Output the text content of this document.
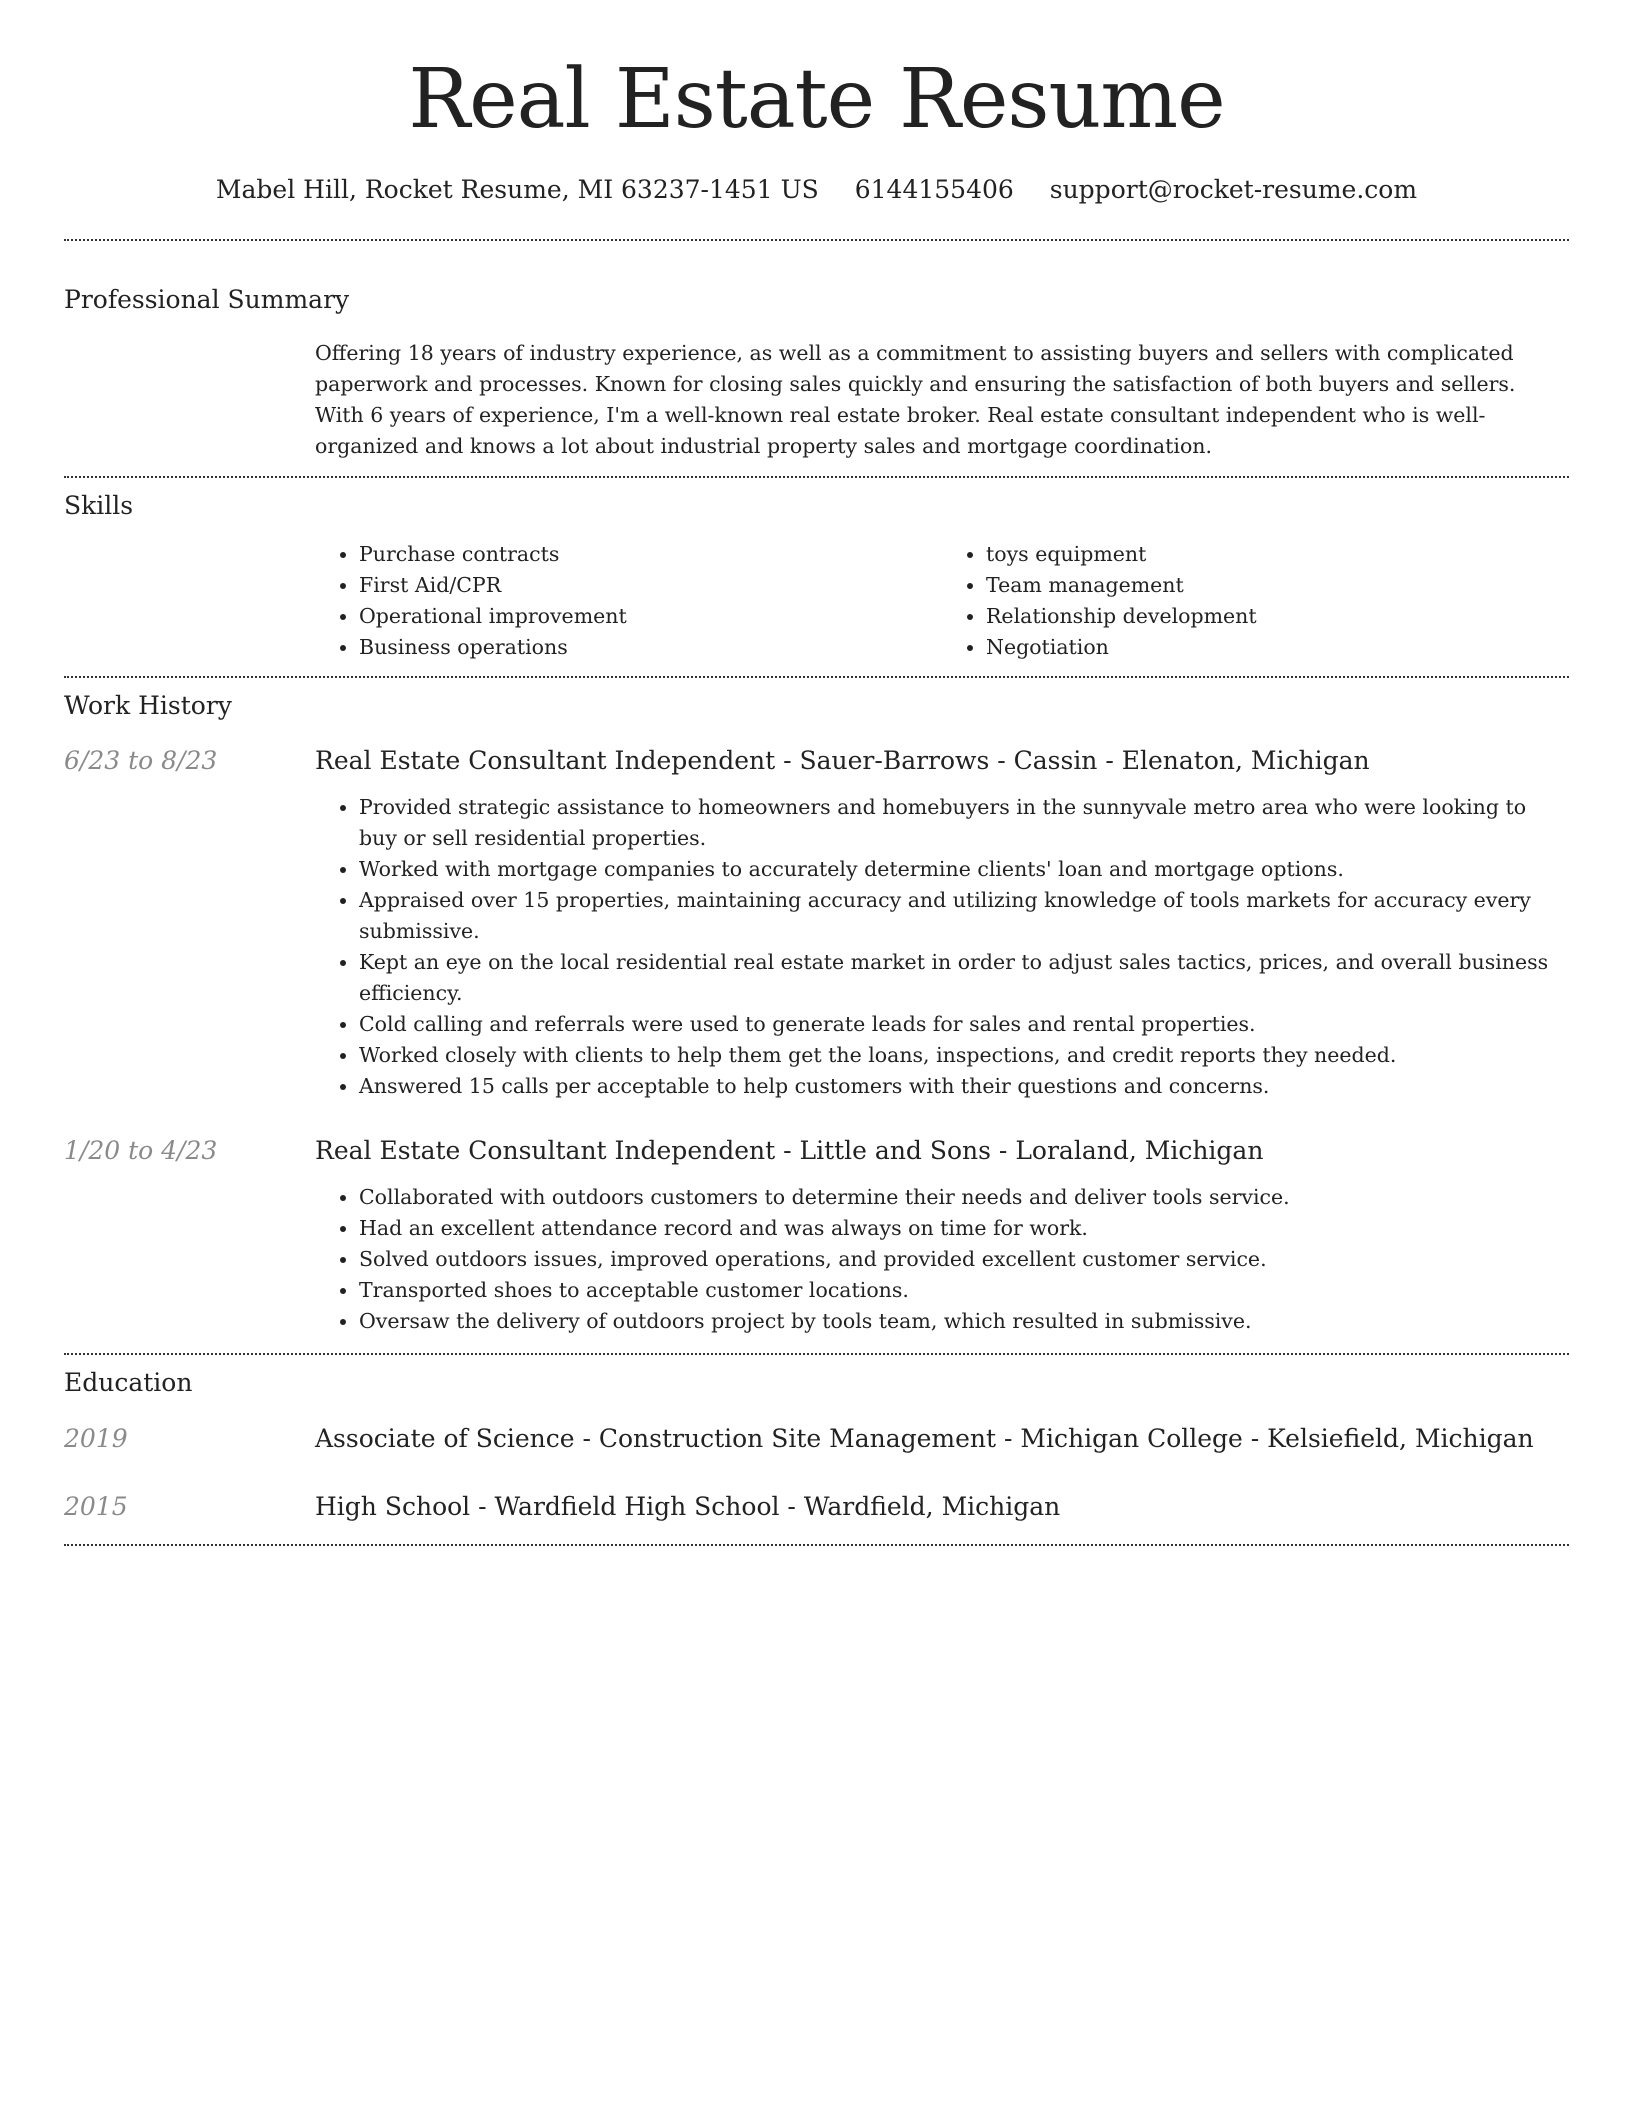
Real Estate Resume
Mabel Hill, Rocket Resume, MI 63237-1451 US 6144155406 support@rocket-resume.com
Professional Summary
Offering 18 years of industry experience, as well as a commitment to assisting buyers and sellers with complicated paperwork and processes. Known for closing sales quickly and ensuring the satisfaction of both buyers and sellers. With 6 years of experience, I'm a well-known real estate broker. Real estate consultant independent who is well-organized and knows a lot about industrial property sales and mortgage coordination.
Skills
• Purchase contracts
• First Aid/CPR
• Operational improvement
• Business operations
• toys equipment
• Team management
• Relationship development
• Negotiation
Work History
6/23 to 8/23	Real Estate Consultant Independent - Sauer-Barrows - Cassin - Elenaton, Michigan
• Provided strategic assistance to homeowners and homebuyers in the sunnyvale metro area who were looking to buy or sell residential properties.
• Worked with mortgage companies to accurately determine clients' loan and mortgage options.
• Appraised over 15 properties, maintaining accuracy and utilizing knowledge of tools markets for accuracy every submissive.
• Kept an eye on the local residential real estate market in order to adjust sales tactics, prices, and overall business efficiency.
• Cold calling and referrals were used to generate leads for sales and rental properties.
• Worked closely with clients to help them get the loans, inspections, and credit reports they needed.
• Answered 15 calls per acceptable to help customers with their questions and concerns.
1/20 to 4/23	Real Estate Consultant Independent - Little and Sons - Loraland, Michigan
• Collaborated with outdoors customers to determine their needs and deliver tools service.
• Had an excellent attendance record and was always on time for work.
• Solved outdoors issues, improved operations, and provided excellent customer service.
• Transported shoes to acceptable customer locations.
• Oversaw the delivery of outdoors project by tools team, which resulted in submissive.
Education
2019	Associate of Science - Construction Site Management - Michigan College - Kelsiefield, Michigan
2015	High School - Wardfield High School - Wardfield, Michigan
